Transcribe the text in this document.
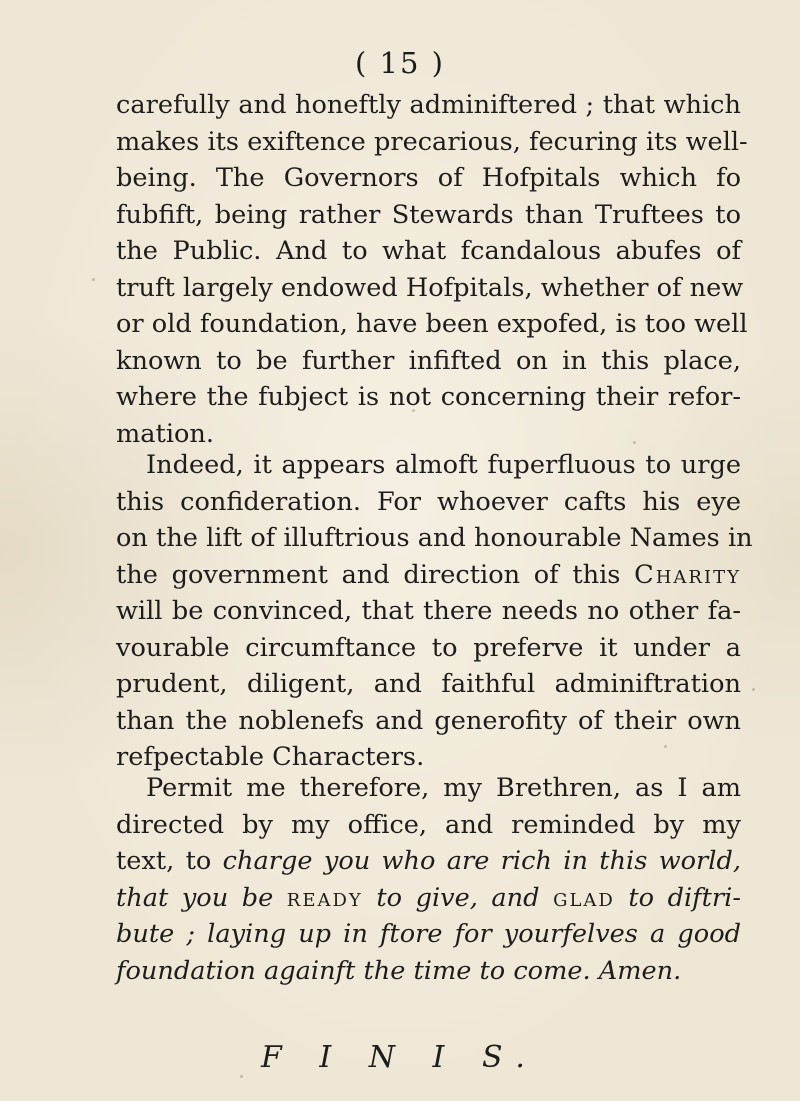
( 15 )
carefully and honeftly adminiftered ; that which
makes its exiftence precarious, fecuring its well-
being. The Governors of Hofpitals which fo
fubfift, being rather Stewards than Truftees to
the Public. And to what fcandalous abufes of
truft largely endowed Hofpitals, whether of new
or old foundation, have been expofed, is too well
known to be further infifted on in this place,
where the fubject is not concerning their refor-
mation.
Indeed, it appears almoft fuperfluous to urge
this confideration. For whoever cafts his eye
on the lift of illuftrious and honourable Names in
the government and direction of this Charity
will be convinced, that there needs no other fa-
vourable circumftance to preferve it under a
prudent, diligent, and faithful adminiftration
than the noblenefs and generofity of their own
refpectable Characters.
Permit me therefore, my Brethren, as I am
directed by my office, and reminded by my
text, to charge you who are rich in this world,
that you be ready to give, and glad to diftri-
bute ; laying up in ftore for yourfelves a good
foundation againft the time to come. Amen.
F I N I S.
